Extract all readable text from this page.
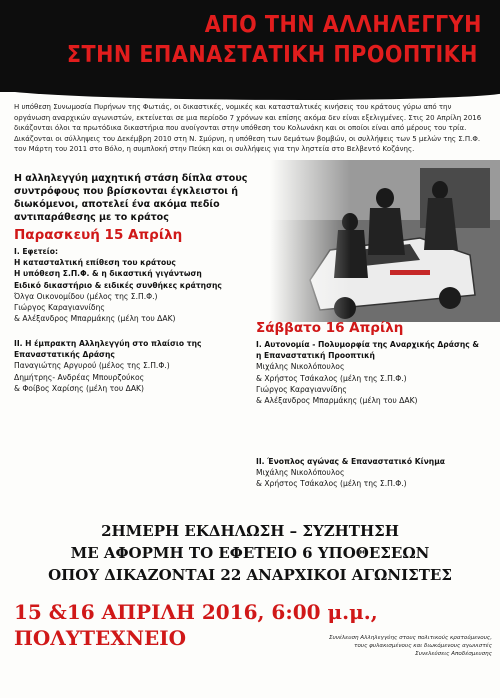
ΑΠΟ ΤΗΝ ΑΛΛΗΛΕΓΓΥΗ
ΣΤΗΝ ΕΠΑΝΑΣΤΑΤΙΚΗ ΠΡΟΟΠΤΙΚΗ
Η υπόθεση Συνωμοσία Πυρήνων της Φωτιάς, οι δικαστικές, νομικές και κατασταλτικές κινήσεις του κράτους γύρω από την οργάνωση αναρχικών αγωνιστών, εκτείνεται σε μια περίοδο 7 χρόνων και επίσης ακόμα δεν είναι εξελιγμένες. Στις 20 Απρίλη 2016 δικάζονται όλοι τα πρωτόδικα δικαστήρια που ανοίγονται στην υπόθεση του Κολωνάκη και οι οποίοι είναι από μέρους του τρία. Δικάζονται οι σύλληψεις του Δεκέμβρη 2010 στη Ν. Σμύρνη, η υπόθεση των δεμάτων βομβών, οι συλλήψεις των 5 μελών της Σ.Π.Φ. τον Μάρτη του 2011 στο Βόλο, η συμπλοκή στην Πεύκη και οι συλλήψεις για την ληστεία στο Βελβεντό Κοζάνης.
Η αλληλεγγύη μαχητική στάση δίπλα στους συντρόφους που βρίσκονται έγκλειστοι ή διωκόμενοι, αποτελεί ένα ακόμα πεδίο αντιπαράθεσης με το κράτος
Παρασκευή 15 Απρίλη
Ι. Εφετείο:
Η κατασταλτική επίθεση του κράτους
Η υπόθεση Σ.Π.Φ. & η δικαστική γιγάντωση
Ειδικό δικαστήριο & ειδικές συνθήκες κράτησης
Όλγα Οικονομίδου (μέλος της Σ.Π.Φ.)
Γιώργος Καραγιαννίδης
& Αλέξανδρος Μπαρμάκης (μέλη του ΔΑΚ)
ΙΙ. Η έμπρακτη Αλληλεγγύη στο πλαίσιο της Επαναστατικής Δράσης
Παναγιώτης Αργυρού (μέλος της Σ.Π.Φ.)
Δημήτρης- Ανδρέας Μπουρζούκος
& Φοίβος Χαρίσης (μέλη του ΔΑΚ)
Σάββατο 16 Απρίλη
Ι. Αυτονομία - Πολυμορφία της Αναρχικής Δράσης & η Επαναστατική Προοπτική
Μιχάλης Νικολόπουλος
& Χρήστος Τσάκαλος (μέλη της Σ.Π.Φ.)
Γιώργος Καραγιαννίδης
& Αλέξανδρος Μπαρμάκης (μέλη του ΔΑΚ)
ΙΙ. Ένοπλος αγώνας & Επαναστατικό Κίνημα
Μιχάλης Νικολόπουλος
& Χρήστος Τσάκαλος (μέλη της Σ.Π.Φ.)
2ΗΜΕΡΗ ΕΚΔΗΛΩΣΗ – ΣΥΖΗΤΗΣΗ
ΜΕ ΑΦΟΡΜΗ ΤΟ ΕΦΕΤΕΙΟ 6 ΥΠΟΘΕΣΕΩΝ
ΟΠΟΥ ΔΙΚΑΖΟΝΤΑΙ 22 ΑΝΑΡΧΙΚΟΙ ΑΓΩΝΙΣΤΕΣ
15 &16 ΑΠΡΙΛΗ 2016, 6:00 μ.μ.,
ΠΟΛΥΤΕΧΝΕΙΟ	Συνέλευση Αλληλεγγύης στους πολιτικούς κρατούμενους,
τους φυλακισμένους και διωκόμενους αγωνιστές
Συνελεύσεις Αποδέσμευσης
